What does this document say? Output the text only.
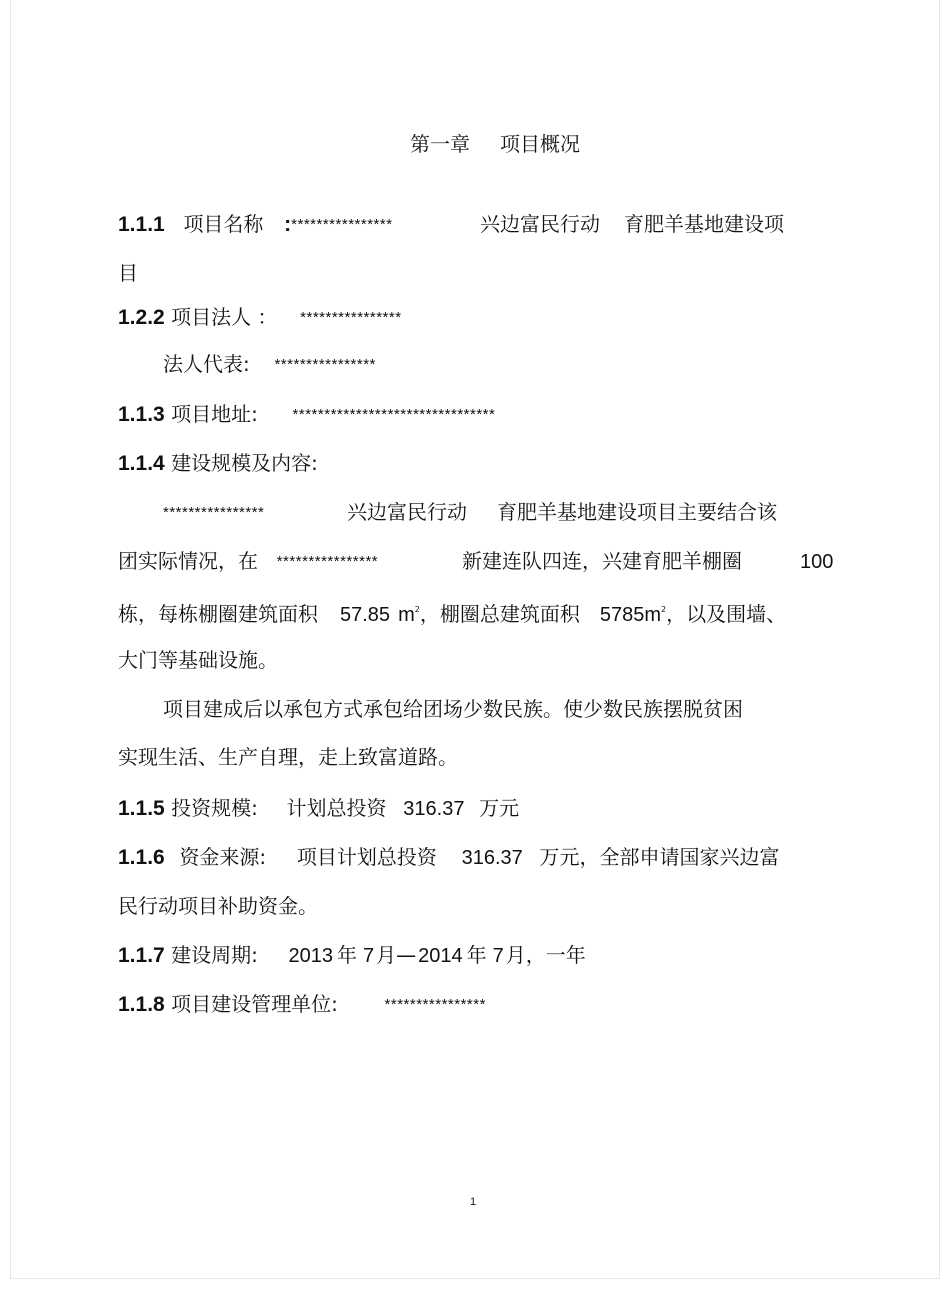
第一章 项目概况
1.1.1 项目名称 :****************	兴边富民行动 育肥羊基地建设项
目
1.2.2 项目法人 ： ****************
法人代表: ****************
1.1.3 项目地址: ********************************
1.1.4 建设规模及内容:
****************	兴边富民行动 育肥羊基地建设项目主要结合该
团实际情况，在 ****************	新建连队四连，兴建育肥羊棚圈	100
栋，每栋棚圈建筑面积 57.85 $m^2$，棚圈总建筑面积 $5785m^2$，以及围墙、
大门等基础设施。
项目建成后以承包方式承包给团场少数民族。使少数民族摆脱贫困
实现生活、生产自理，走上致富道路。
1.1.5 投资规模: 计划总投资 316.37 万元
1.1.6 资金来源: 项目计划总投资 316.37 万元，全部申请国家兴边富
民行动项目补助资金。
1.1.7 建设周期: 2013 年 7 月— 2014 年 7 月，一年
1.1.8 项目建设管理单位:	****************
1
